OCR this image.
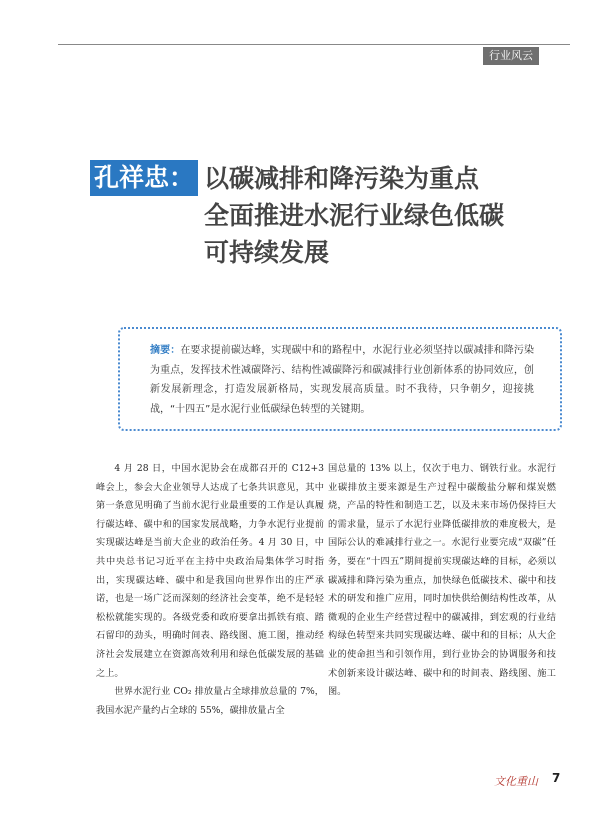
行业风云
孔祥忠： 以碳减排和降污染为重点
全面推进水泥行业绿色低碳
可持续发展
摘要：在要求提前碳达峰，实现碳中和的路程中，水泥行业必须坚持以碳减排和降污染为重点，发挥技术性减碳降污、结构性减碳降污和碳减排行业创新体系的协同效应，创新发展新理念，打造发展新格局，实现发展高质量。时不我待，只争朝夕，迎接挑战，“十四五”是水泥行业低碳绿色转型的关键期。

4 月 28 日，中国水泥协会在成都召开的 C12+3 峰会上，参会大企业领导人达成了七条共识意见，其中第一条意见明确了当前水泥行业最重要的工作是认真履行碳达峰、碳中和的国家发展战略，力争水泥行业提前实现碳达峰是当前大企业的政治任务。4 月 30 日，中共中央总书记习近平在主持中央政治局集体学习时指出，实现碳达峰、碳中和是我国向世界作出的庄严承诺，也是一场广泛而深刻的经济社会变革，绝不是轻轻松松就能实现的。各级党委和政府要拿出抓铁有痕、踏石留印的劲头，明确时间表、路线图、施工图，推动经济社会发展建立在资源高效利用和绿色低碳发展的基础之上。

世界水泥行业 CO₂ 排放量占全球排放总量的 7%，我国水泥产量约占全球的 55%，碳排放量占全

国总量的 13% 以上，仅次于电力、钢铁行业。水泥行业碳排放主要来源是生产过程中碳酸盐分解和煤炭燃烧，产品的特性和制造工艺，以及未来市场仍保持巨大的需求量，显示了水泥行业降低碳排放的难度极大，是国际公认的难减排行业之一。水泥行业要完成“双碳”任务，要在“十四五”期间提前实现碳达峰的目标，必须以碳减排和降污染为重点，加快绿色低碳技术、碳中和技术的研发和推广应用，同时加快供给侧结构性改革，从微观的企业生产经营过程中的碳减排，到宏观的行业结构绿色转型来共同实现碳达峰、碳中和的目标；从大企业的使命担当和引领作用，到行业协会的协调服务和技术创新来设计碳达峰、碳中和的时间表、路线图、施工图。

文化重山 7
